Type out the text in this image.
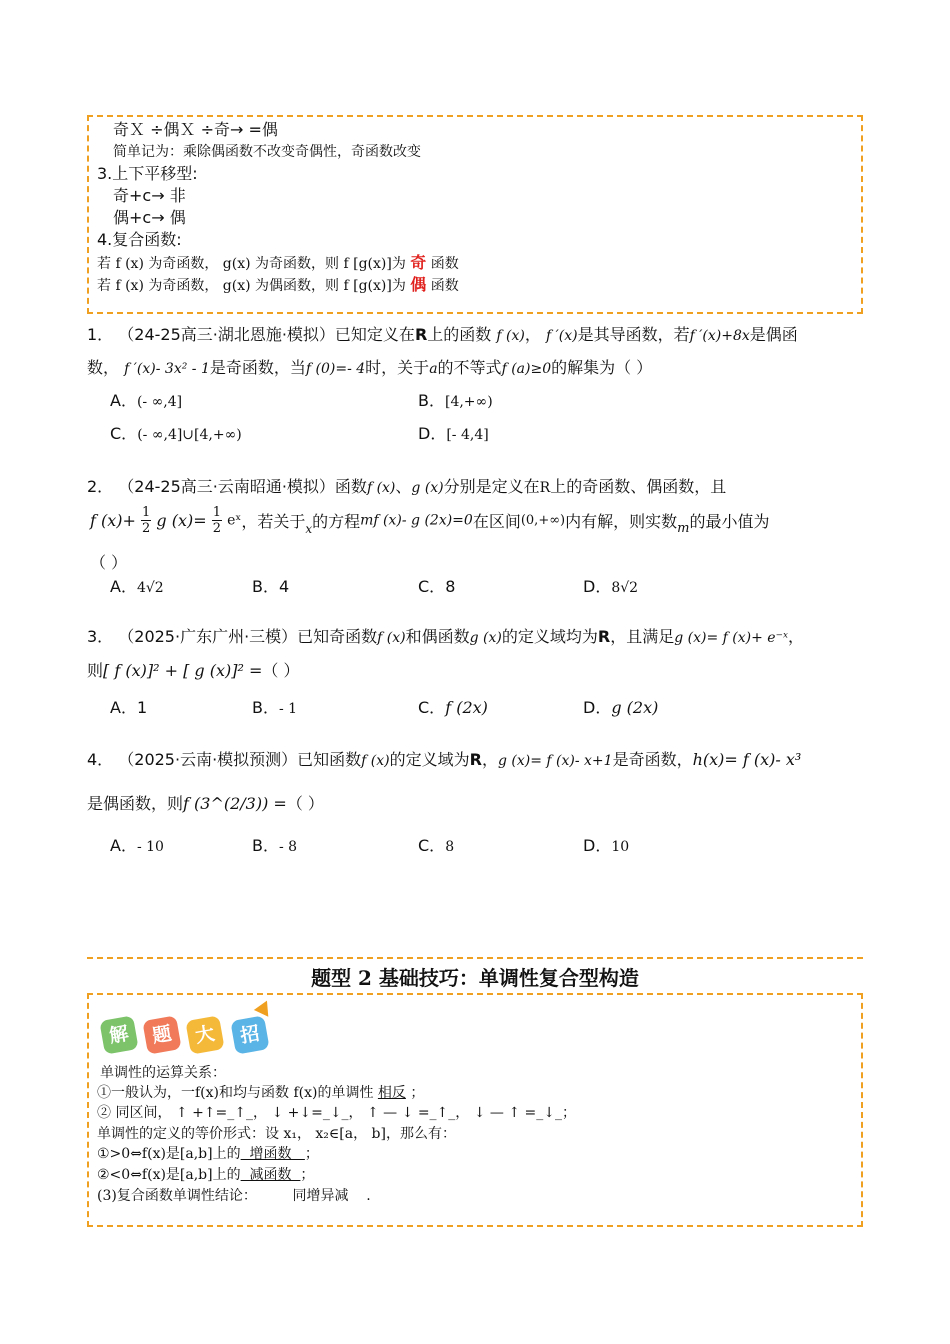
奇Ｘ ÷偶Ｘ ÷奇→ =偶
简单记为：乘除偶函数不改变奇偶性，奇函数改变
3.上下平移型:
奇+c→ 非
偶+c→ 偶
4.复合函数:
若 f (x) 为奇函数， g(x) 为奇函数，则 f [g(x)]为 奇 函数
若 f (x) 为奇函数， g(x) 为偶函数，则 f [g(x)]为 偶 函数
1． （24-25高三·湖北恩施·模拟）已知定义在R上的函数 f (x)， f ′(x)是其导函数，若f ′(x)+8x是偶函
数， f ′(x)- 3x² - 1是奇函数，当f (0)=- 4时，关于a的不等式f (a)≥0的解集为（ ）
A．(- ∞,4]	B．[4,+∞)
C．(- ∞,4]∪[4,+∞)	D．[- 4,4]
2． （24-25高三·云南昭通·模拟）函数f (x)、g (x)分别是定义在R上的奇函数、偶函数，且
f $(x)+ \frac{1}{2}$ g $(x)= \frac{1}{2}$ eˣ，若关于x的方程mf (x)- g (2x)=0在区间(0,+∞)内有解，则实数m的最小值为
（ ）
A．4√2	B．4	C．8	D．8√2
3． （2025·广东广州·三模）已知奇函数f (x)和偶函数g (x)的定义域均为R，且满足g (x)= f (x)+ e⁻ˣ，
则[ f (x)]² + [ g (x)]² =（ ）
A．1	B．- 1	C．f (2x)	D．g (2x)
4． （2025·云南·模拟预测）已知函数f (x)的定义域为R，g (x)= f (x)- x+1是奇函数，h(x)= f (x)- x³
是偶函数，则f (3^(2/3)) =（ ）
A．- 10	B．- 8	C．8	D．10
题型 2 基础技巧：单调性复合型构造
解	题	大	招
单调性的运算关系：
①一般认为，一f(x)和均与函数 f(x)的单调性 相反 ；
② 同区间， ↑ +↑=_↑_， ↓ +↓=_↓_， ↑ — ↓ =_↑_， ↓ — ↑ =_↓_；
单调性的定义的等价形式：设 x₁， x₂∈[a， b]，那么有：
①>0⇔f(x)是[a,b]上的 增函数 ；
②<0⇔f(x)是[a,b]上的 减函数 ；
(3)复合函数单调性结论：	同增异减 .
